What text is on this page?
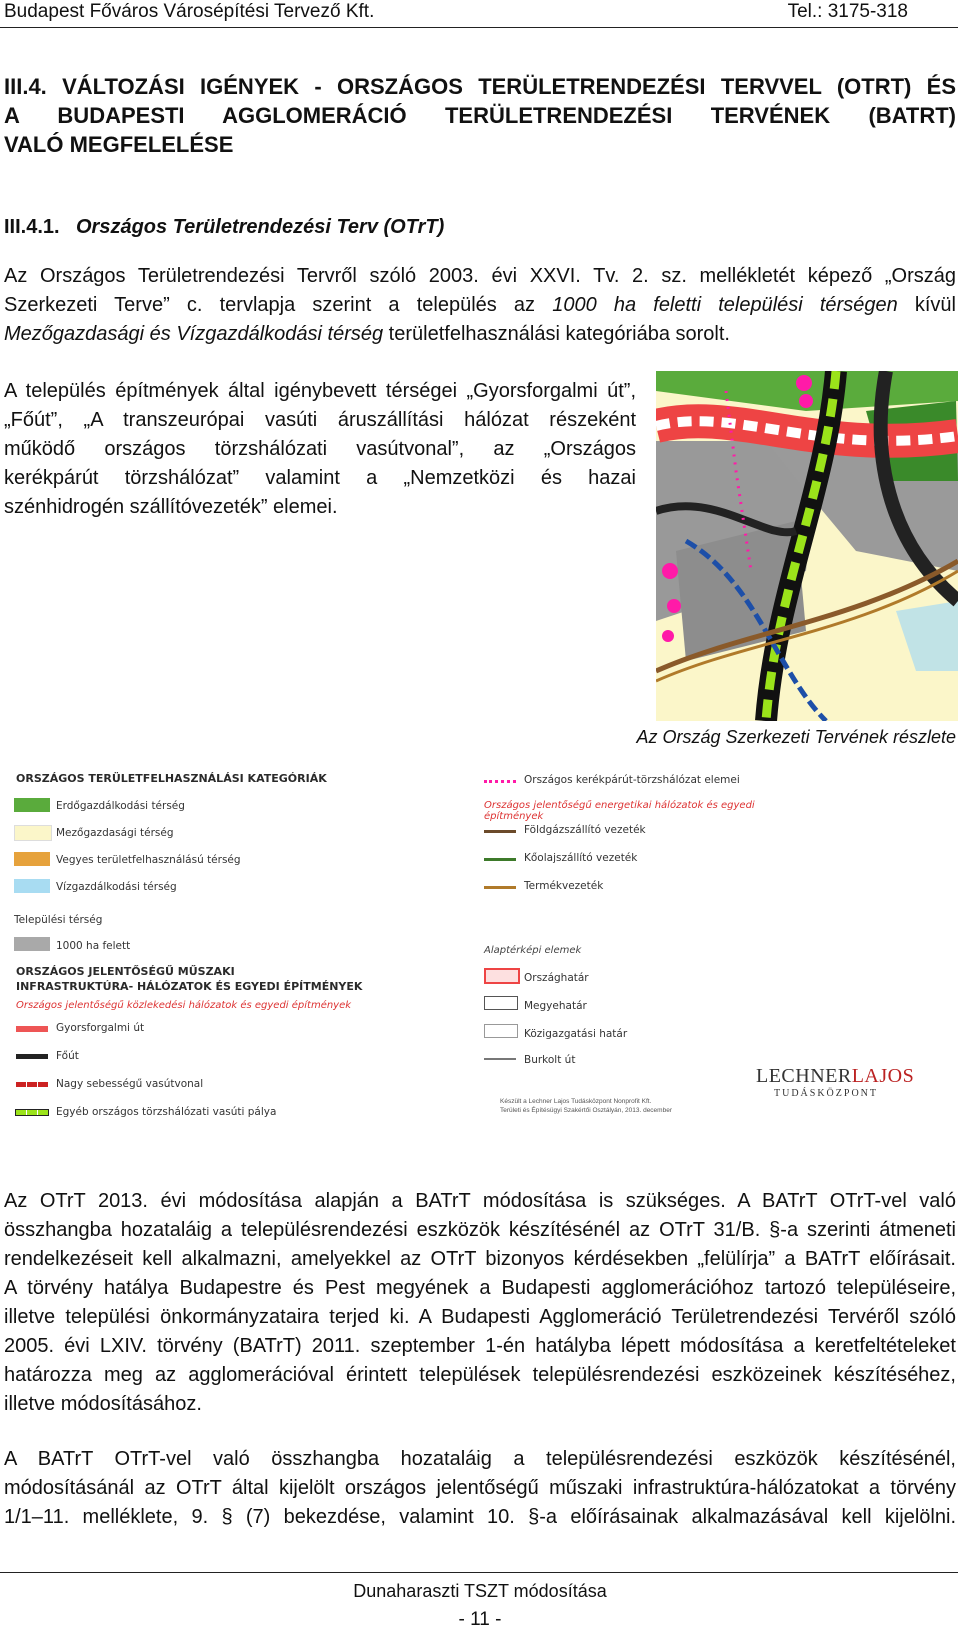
Budapest Főváros Városépítési Tervező Kft.	Tel.: 3175-318
III.4. VÁLTOZÁSI IGÉNYEK - ORSZÁGOS TERÜLETRENDEZÉSI TERVVEL (OTRT) ÉS
A BUDAPESTI AGGLOMERÁCIÓ TERÜLETRENDEZÉSI TERVÉNEK (BATRT)
VALÓ MEGFELELÉSE
III.4.1. Országos Területrendezési Terv (OTrT)

Az Országos Területrendezési Tervről szóló 2003. évi XXVI. Tv. 2. sz. mellékletét képező „Ország
Szerkezeti Terve” c. tervlapja szerint a település az 1000 ha feletti települési térségen kívül
Mezőgazdasági és Vízgazdálkodási térség területfelhasználási kategóriába sorolt.

A település építmények által igénybevett térségei „Gyorsforgalmi út”,
„Főút”, „A transzeurópai vasúti áruszállítási hálózat részeként
működő országos törzshálózati vasútvonal”, az „Országos
kerékpárút törzshálózat” valamint a „Nemzetközi és hazai
szénhidrogén szállítóvezeték” elemei.

Az Ország Szerkezeti Tervének részlete
ORSZÁGOS TERÜLETFELHASZNÁLÁSI KATEGÓRIÁK
Erdőgazdálkodási térség
Mezőgazdasági térség
Vegyes területfelhasználású térség
Vízgazdálkodási térség
Települési térség
1000 ha felett
ORSZÁGOS JELENTŐSÉGŰ MŰSZAKI
INFRASTRUKTÚRA- HÁLÓZATOK ÉS EGYEDI ÉPÍTMÉNYEK
Országos jelentőségű közlekedési hálózatok és egyedi építmények
Gyorsforgalmi út
Főút
Nagy sebességű vasútvonal
Egyéb országos törzshálózati vasúti pálya
Országos kerékpárút-törzshálózat elemei
Országos jelentőségű energetikai hálózatok és egyedi építmények
Földgázszállító vezeték
Kőolajszállító vezeték
Termékvezeték
Alaptérképi elemek
Országhatár
Megyehatár
Közigazgatási határ
Burkolt út
Készült a Lechner Lajos Tudásközpont Nonprofit Kft.
Területi és Építésügyi Szakértői Osztályán, 2013. december
LECHNERLAJOS
TUDÁSKÖZPONT

Az OTrT 2013. évi módosítása alapján a BATrT módosítása is szükséges. A BATrT OTrT-vel való
összhangba hozataláig a településrendezési eszközök készítésénél az OTrT 31/B. §-a szerinti átmeneti
rendelkezéseit kell alkalmazni, amelyekkel az OTrT bizonyos kérdésekben „felülírja” a BATrT előírásait.
A törvény hatálya Budapestre és Pest megyének a Budapesti agglomerációhoz tartozó településeire,
illetve települési önkormányzataira terjed ki. A Budapesti Agglomeráció Területrendezési Tervéről szóló
2005. évi LXIV. törvény (BATrT) 2011. szeptember 1-én hatályba lépett módosítása a keretfeltételeket
határozza meg az agglomerációval érintett települések településrendezési eszközeinek készítéséhez,
illetve módosításához.

A BATrT OTrT-vel való összhangba hozataláig a településrendezési eszközök készítésénél,
módosításánál az OTrT által kijelölt országos jelentőségű műszaki infrastruktúra-hálózatokat a törvény
1/1–11. melléklete, 9. § (7) bekezdése, valamint 10. §-a előírásainak alkalmazásával kell kijelölni.

Dunaharaszti TSZT módosítása
- 11 -
